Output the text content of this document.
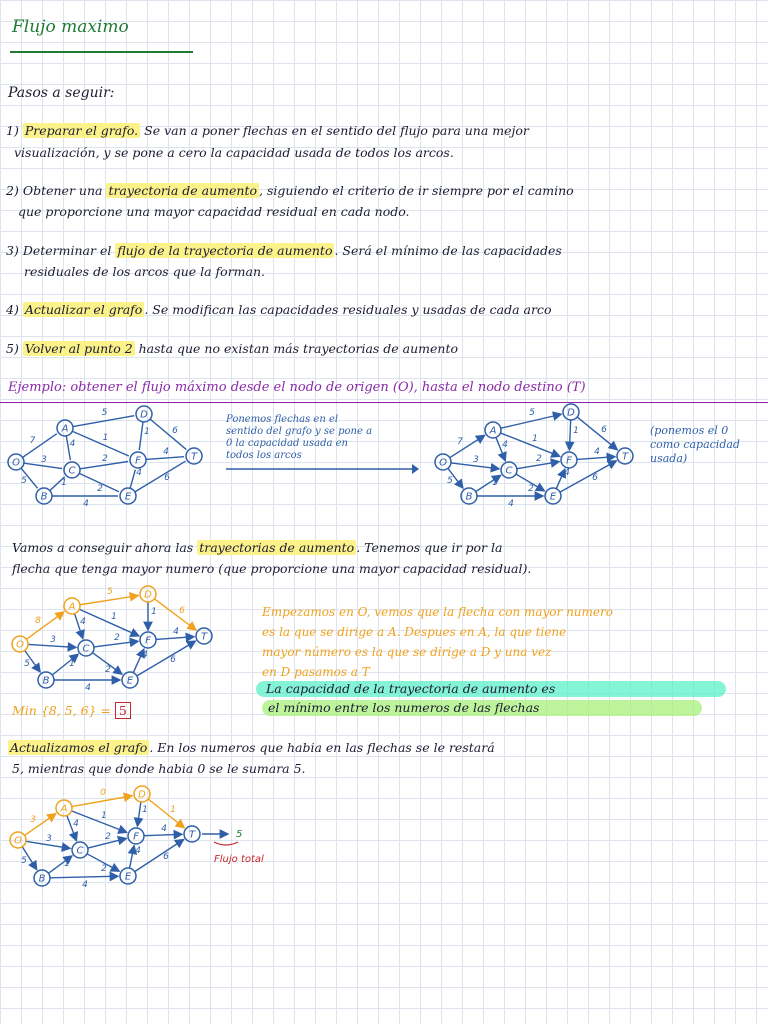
Flujo maximo
Pasos a seguir:
1) Preparar el grafo. Se van a poner flechas en el sentido del flujo para una mejor
visualización, y se pone a cero la capacidad usada de todos los arcos.
2) Obtener una trayectoria de aumento , siguiendo el criterio de ir siempre por el camino
que proporcione una mayor capacidad residual en cada nodo.
3) Determinar el flujo de la trayectoria de aumento . Será el mínimo de las capacidades
residuales de los arcos que la forman.
4) Actualizar el grafo . Se modifican las capacidades residuales y usadas de cada arco
5) Volver al punto 2 hasta que no existan más trayectorias de aumento
Ejemplo: obtener el flujo máximo desde el nodo de origen (O), hasta el nodo destino (T)
7
5
3
5
4
1
4
2
2
6
1
4
4
6
1
O
A
B
C
D
E
F	T
Ponemos flechas en el
sentido del grafo y se pone a
0 la capacidad usada en
todos los arcos
7
5
3
5
4
1
4
2
2
6
1
4
4
6
1
O
A
B
C
D
E
F	T
(ponemos el 0
como capacidad
usada)
Vamos a conseguir ahora las trayectorias de aumento . Tenemos que ir por la
flecha que tenga mayor numero (que proporcione una mayor capacidad residual).
8
5
3
5
4
1
4
2
2
6
1
4
4
6
1
O
A
B
C
D
E
F	T
Empezamos en O, vemos que la flecha con mayor numero
es la que se dirige a A. Despues en A, la que tiene
mayor número es la que se dirige a D y una vez
en D pasamos a T
La capacidad de la trayectoria de aumento es
el mínimo entre los numeros de las flechas
Min {8, 5, 6} = 5
Actualizamos el grafo . En los numeros que habia en las flechas se le restará
5, mientras que donde habia 0 se le sumara 5.
3
5
3
0
4
1
4
2
2
1
1
4
4
6
1
O
A
B
C
D
E
F	T	5
Flujo total
